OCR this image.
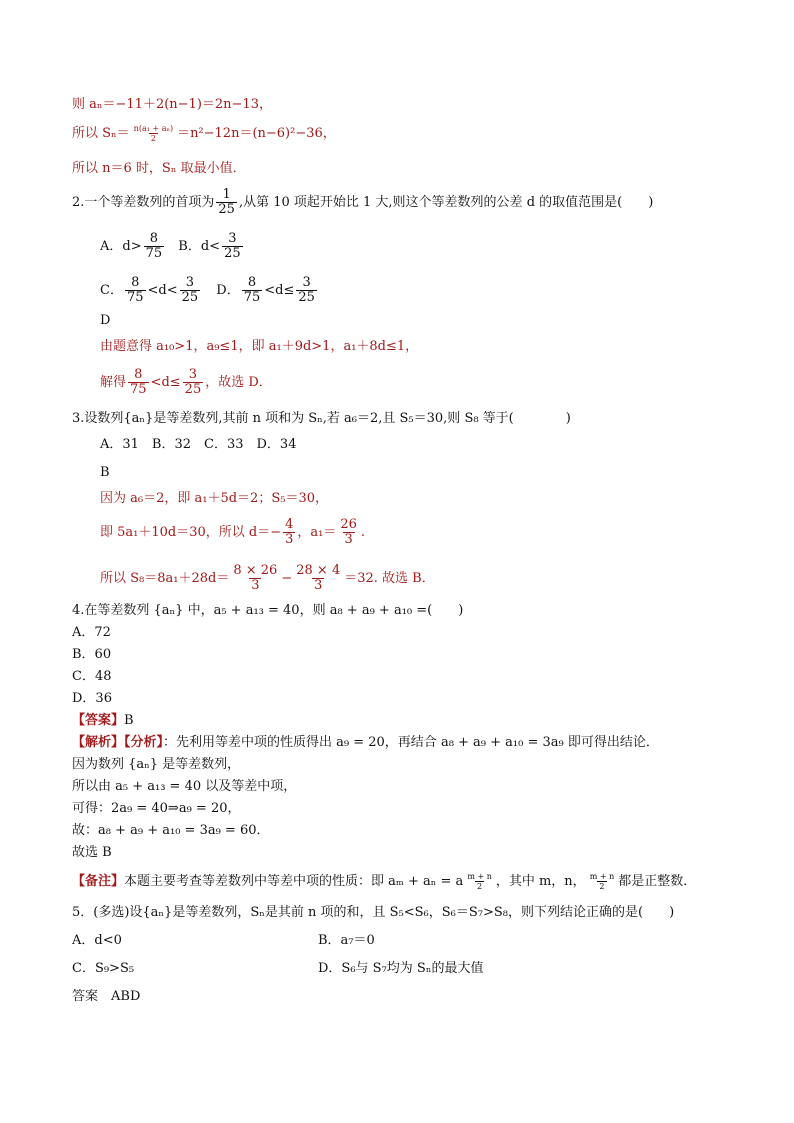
则 aₙ＝−11＋2(n−1)＝2n−13，
所以 $S_n= \frac{\text{n(a₁ + aₙ)}}{2} =n^2-12n=(n-6)^2-36$，
所以 n＝6 时，Sₙ 取最小值．
2.一个等差数列的首项为 $\frac{1}{25}$ ,从第 10 项起开始比 1 大,则这个等差数列的公差 d 的取值范围是(　　)
A．$d> \frac{8}{75}$ B．$d< \frac{3}{25}$
C． $\frac{8}{75} <d< \frac{3}{25}$ D． $\frac{8}{75} <d\le \frac{3}{25}$
D
由题意得 a₁₀>1，a₉≤1，即 a₁＋9d>1，a₁＋8d≤1，
解得 $\frac{8}{75} <d\le \frac{3}{25}$ ，故选 D．
3.设数列{aₙ}是等差数列,其前 n 项和为 Sₙ,若 a₆＝2,且 S₅＝30,则 S₈ 等于(　　　　)
A．31　B．32　C．33　D．34
B
因为 a₆＝2，即 a₁＋5d＝2；S₅＝30，
即 5a₁＋10d＝30，所以 $d=- \frac{4}{3}$ ，$a_1= \frac{26}{3}$ .
所以 $S_8=8a_1+28d= \frac{8 \times 26}{3} - \frac{28 \times 4}{3} =32$. 故选 B．
4.在等差数列 {aₙ} 中，a₅ + a₁₃ = 40，则 a₈ + a₉ + a₁₀ =(　　)
A．72
B．60
C．48
D．36
【答案】B
【解析】【分析】：先利用等差中项的性质得出 a₉ = 20，再结合 a₈ + a₉ + a₁₀ = 3a₉ 即可得出结论．
因为数列 {aₙ} 是等差数列，
所以由 a₅ + a₁₃ = 40 以及等差中项，
可得：2a₉ = 40⇒a₉ = 20，
故：a₈ + a₉ + a₁₀ = 3a₉ = 60．
故选 B
【备注】本题主要考查等差数列中等差中项的性质：即 aₘ + aₙ = a $\frac{m + n}{2}$ ，其中 m，n， $\frac{m + n}{2}$ 都是正整数．
5．(多选)设{aₙ}是等差数列，Sₙ是其前 n 项的和，且 S₅<S₆，S₆＝S₇>S₈，则下列结论正确的是(　　)
A．d<0	B．a₇＝0
C．S₉>S₅	D．S₆与 S₇均为 Sₙ的最大值
答案　ABD
